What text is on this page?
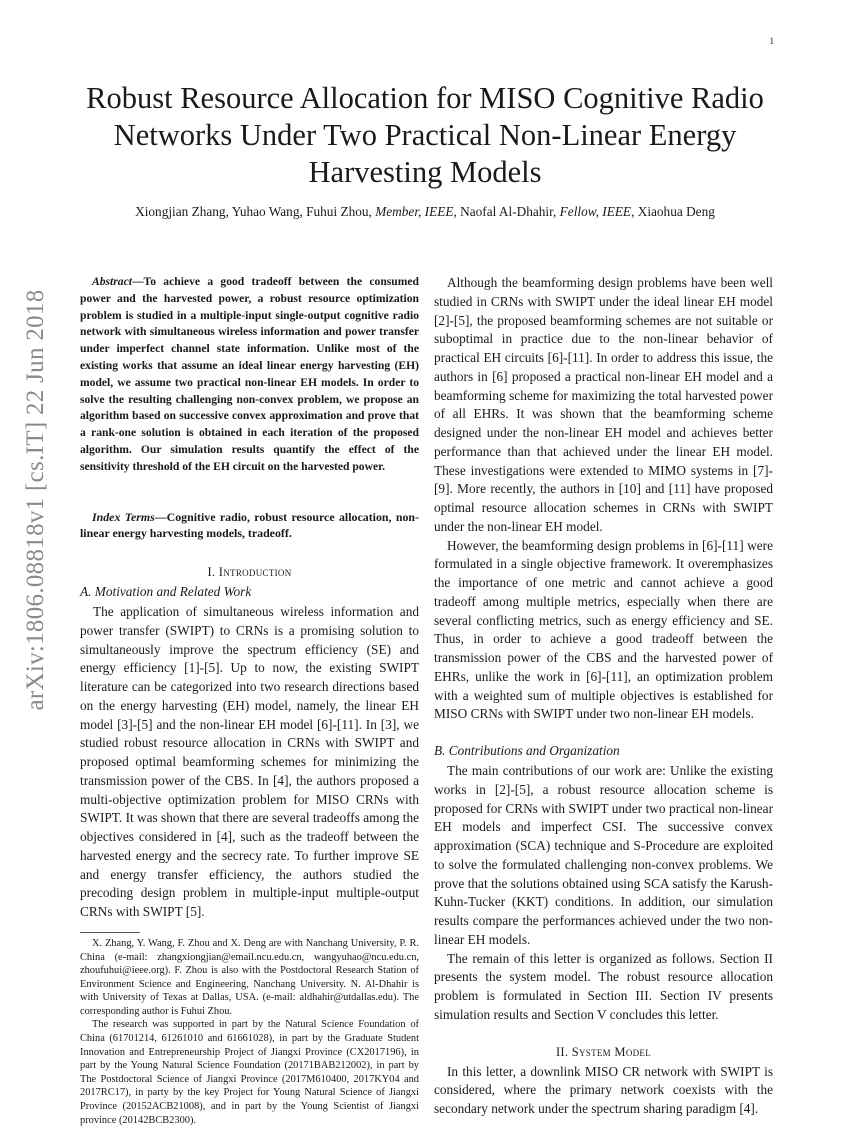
1
arXiv:1806.08818v1 [cs.IT] 22 Jun 2018
Robust Resource Allocation for MISO Cognitive Radio Networks Under Two Practical Non-Linear Energy Harvesting Models
Xiongjian Zhang, Yuhao Wang, Fuhui Zhou, Member, IEEE, Naofal Al-Dhahir, Fellow, IEEE, Xiaohua Deng

Abstract—To achieve a good tradeoff between the consumed power and the harvested power, a robust resource optimization problem is studied in a multiple-input single-output cognitive radio network with simultaneous wireless information and power transfer under imperfect channel state information. Unlike most of the existing works that assume an ideal linear energy harvesting (EH) model, we assume two practical non-linear EH models. In order to solve the resulting challenging non-convex problem, we propose an algorithm based on successive convex approximation and prove that a rank-one solution is obtained in each iteration of the proposed algorithm. Our simulation results quantify the effect of the sensitivity threshold of the EH circuit on the harvested power.

Index Terms—Cognitive radio, robust resource allocation, non-linear energy harvesting models, tradeoff.

I. Introduction
A. Motivation and Related Work

The application of simultaneous wireless information and power transfer (SWIPT) to CRNs is a promising solution to simultaneously improve the spectrum efficiency (SE) and energy efficiency [1]-[5]. Up to now, the existing SWIPT literature can be categorized into two research directions based on the energy harvesting (EH) model, namely, the linear EH model [3]-[5] and the non-linear EH model [6]-[11]. In [3], we studied robust resource allocation in CRNs with SWIPT and proposed optimal beamforming schemes for minimizing the transmission power of the CBS. In [4], the authors proposed a multi-objective optimization problem for MISO CRNs with SWIPT. It was shown that there are several tradeoffs among the objectives considered in [4], such as the tradeoff between the harvested energy and the secrecy rate. To further improve SE and energy transfer efficiency, the authors studied the precoding design problem in multiple-input multiple-output CRNs with SWIPT [5].

X. Zhang, Y. Wang, F. Zhou and X. Deng are with Nanchang University, P. R. China (e-mail: zhangxiongjian@email.ncu.edu.cn, wangyuhao@ncu.edu.cn, zhoufuhui@ieee.org). F. Zhou is also with the Postdoctoral Research Station of Environment Science and Engineering, Nanchang University. N. Al-Dhahir is with University of Texas at Dallas, USA. (e-mail: aldhahir@utdallas.edu). The corresponding author is Fuhui Zhou.

The research was supported in part by the Natural Science Foundation of China (61701214, 61261010 and 61661028), in part by the Graduate Student Innovation and Entrepreneurship Project of Jiangxi Province (CX2017196), in part by the Young Natural Science Foundation (20171BAB212002), in part by The Postdoctoral Science of Jiangxi Province (2017M610400, 2017KY04 and 2017RC17), in party by the key Project for Young Natural Science of Jiangxi Province (20152ACB21008), and in part by the Young Scientist of Jiangxi province (20142BCB2300).

Although the beamforming design problems have been well studied in CRNs with SWIPT under the ideal linear EH model [2]-[5], the proposed beamforming schemes are not suitable or suboptimal in practice due to the non-linear behavior of practical EH circuits [6]-[11]. In order to address this issue, the authors in [6] proposed a practical non-linear EH model and a beamforming scheme for maximizing the total harvested power of all EHRs. It was shown that the beamforming scheme designed under the non-linear EH model and achieves better performance than that achieved under the linear EH model. These investigations were extended to MIMO systems in [7]-[9]. More recently, the authors in [10] and [11] have proposed optimal resource allocation schemes in CRNs with SWIPT under the non-linear EH model.

However, the beamforming design problems in [6]-[11] were formulated in a single objective framework. It overemphasizes the importance of one metric and cannot achieve a good tradeoff among multiple metrics, especially when there are several conflicting metrics, such as energy efficiency and SE. Thus, in order to achieve a good tradeoff between the transmission power of the CBS and the harvested power of EHRs, unlike the work in [6]-[11], an optimization problem with a weighted sum of multiple objectives is established for MISO CRNs with SWIPT under two non-linear EH models.

B. Contributions and Organization

The main contributions of our work are: Unlike the existing works in [2]-[5], a robust resource allocation scheme is proposed for CRNs with SWIPT under two practical non-linear EH models and imperfect CSI. The successive convex approximation (SCA) technique and S-Procedure are exploited to solve the formulated challenging non-convex problems. We prove that the solutions obtained using SCA satisfy the Karush-Kuhn-Tucker (KKT) conditions. In addition, our simulation results compare the performances achieved under the two non-linear EH models.

The remain of this letter is organized as follows. Section II presents the system model. The robust resource allocation problem is formulated in Section III. Section IV presents simulation results and Section V concludes this letter.

II. System Model

In this letter, a downlink MISO CR network with SWIPT is considered, where the primary network coexists with the secondary network under the spectrum sharing paradigm [4].
